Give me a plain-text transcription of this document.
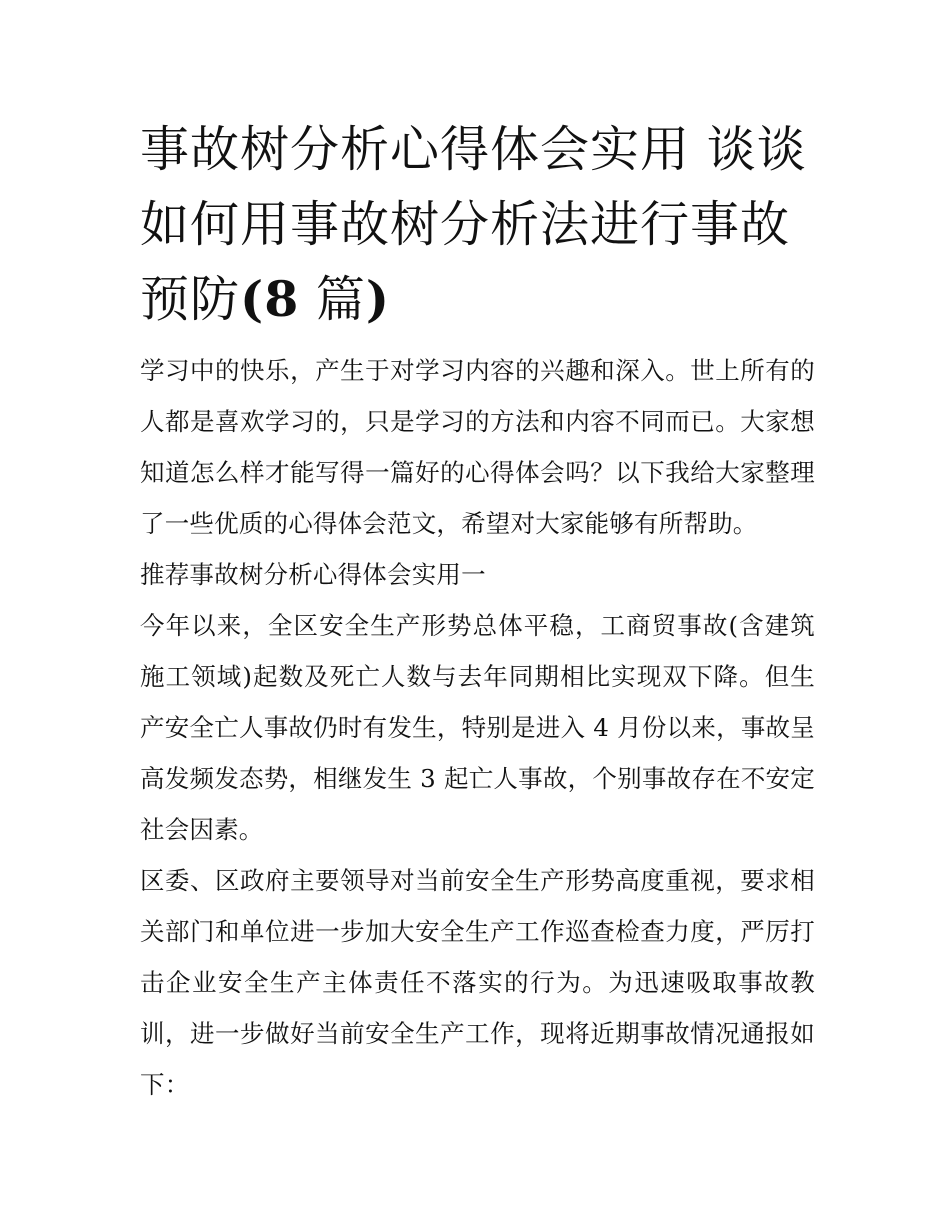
事故树分析心得体会实用 谈谈
如何用事故树分析法进行事故
预防(8 篇)

学习中的快乐，产生于对学习内容的兴趣和深入。世上所有的人都是喜欢学习的，只是学习的方法和内容不同而已。大家想知道怎么样才能写得一篇好的心得体会吗？以下我给大家整理了一些优质的心得体会范文，希望对大家能够有所帮助。

推荐事故树分析心得体会实用一

今年以来，全区安全生产形势总体平稳，工商贸事故(含建筑施工领域)起数及死亡人数与去年同期相比实现双下降。但生产安全亡人事故仍时有发生，特别是进入 4 月份以来，事故呈高发频发态势，相继发生 3 起亡人事故，个别事故存在不安定社会因素。

区委、区政府主要领导对当前安全生产形势高度重视，要求相关部门和单位进一步加大安全生产工作巡查检查力度，严厉打击企业安全生产主体责任不落实的行为。为迅速吸取事故教训，进一步做好当前安全生产工作，现将近期事故情况通报如下：
